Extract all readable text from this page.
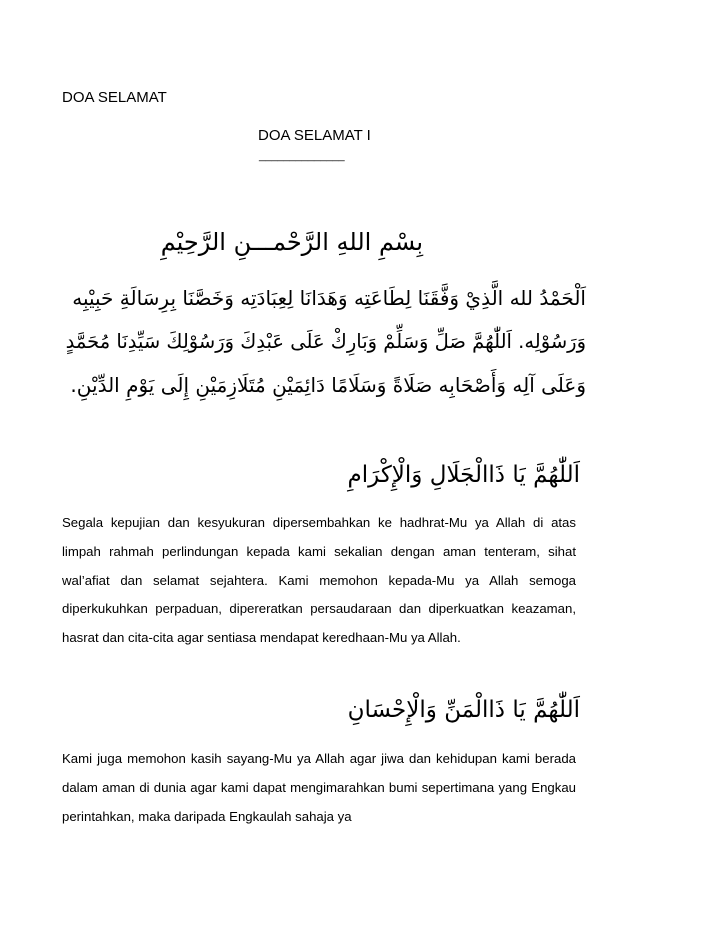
DOA SELAMAT
DOA SELAMAT I
______________
بِسْمِ اللهِ الرَّحْمـــنِ الرَّحِيْمِ
اَلْحَمْدُ لله الَّذِيْ وَفَّقَنَا لِطَاعَتِه وَهَدَانَا لِعِبَادَتِه وَخَصَّنَا بِرِسَالَةِ حَبِيْبِه
وَرَسُوْلِه. اَللّٰهُمَّ صَلِّ وَسَلِّمْ وَبَارِكْ عَلَى عَبْدِكَ وَرَسُوْلِكَ سَيِّدِنَا مُحَمَّدٍ
وَعَلَى آلِه وَأَصْحَابِه صَلَاةً وَسَلَامًا دَائِمَيْنِ مُتَلَازِمَيْنِ إِلَى يَوْمِ الدِّيْنِ.
اَللّٰهُمَّ يَا ذَاالْجَلَالِ وَالْإِكْرَامِ

Segala kepujian dan kesyukuran dipersembahkan ke hadhrat-Mu ya Allah di atas limpah rahmah perlindungan kepada kami sekalian dengan aman tenteram, sihat wal’afiat dan selamat sejahtera. Kami memohon kepada-Mu ya Allah semoga diperkukuhkan perpaduan, dipereratkan persaudaraan dan diperkuatkan keazaman, hasrat dan cita-cita agar sentiasa mendapat keredhaan-Mu ya Allah.

اَللّٰهُمَّ يَا ذَاالْمَنِّ وَالْإِحْسَانِ

Kami juga memohon kasih sayang-Mu ya Allah agar jiwa dan kehidupan kami berada dalam aman di dunia agar kami dapat mengimarahkan bumi sepertimana yang Engkau perintahkan, maka daripada Engkaulah sahaja ya
